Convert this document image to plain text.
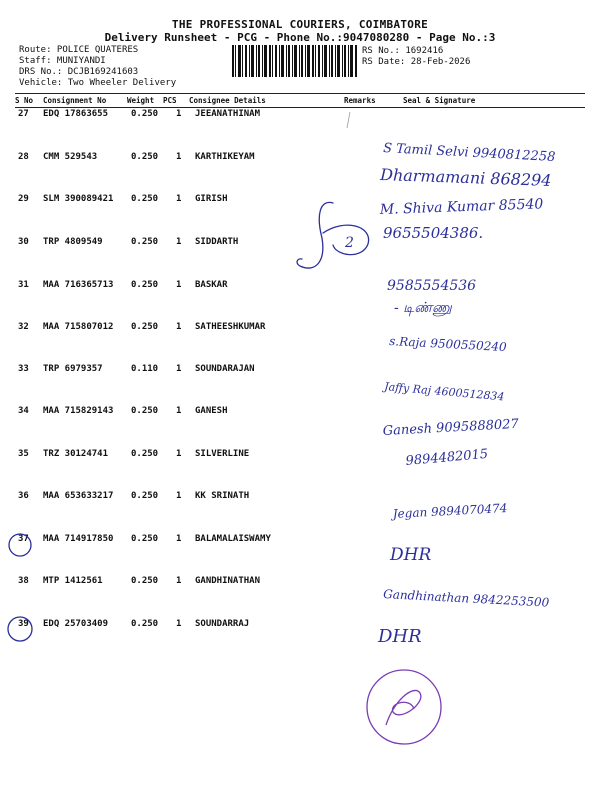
THE PROFESSIONAL COURIERS, COIMBATORE
Delivery Runsheet - PCG - Phone No.:9047080280 - Page No.:3
Route: POLICE QUATERES
Staff: MUNIYANDI
DRS No.: DCJB169241603
Vehicle: Two Wheeler Delivery
RS No.: 1692416
RS Date: 28-Feb-2026
S No Consignment No	Weight PCS Consignee Details	Remarks	Seal & Signature
27 EDQ 17863655	0.250 1 JEEANATHINAM
28 CMM 529543	0.250 1 KARTHIKEYAM
29 SLM 390089421 0.250 1 GIRISH
30 TRP 4809549	0.250 1 SIDDARTH
31 MAA 716365713 0.250 1 BASKAR
32 MAA 715807012 0.250 1 SATHEESHKUMAR
33 TRP 6979357	0.110 1 SOUNDARAJAN
34 MAA 715829143 0.250 1 GANESH
35 TRZ 30124741	0.250 1 SILVERLINE
36 MAA 653633217 0.250 1 KK SRINATH
37 MAA 714917850 0.250 1 BALAMALAISWAMY
38 MTP 1412561	0.250 1 GANDHINATHAN
39 EDQ 25703409	0.250 1 SOUNDARRAJ
S Tamil Selvi 9940812258
Dharmamani 868294
M. Shiva Kumar 85540
9655504386.
2
9585554536
- டிண்ணு
s.Raja 9500550240
Jaffy Raj 4600512834
Ganesh 9095888027
9894482015
Jegan 9894070474
DHR
Gandhinathan 9842253500
DHR
